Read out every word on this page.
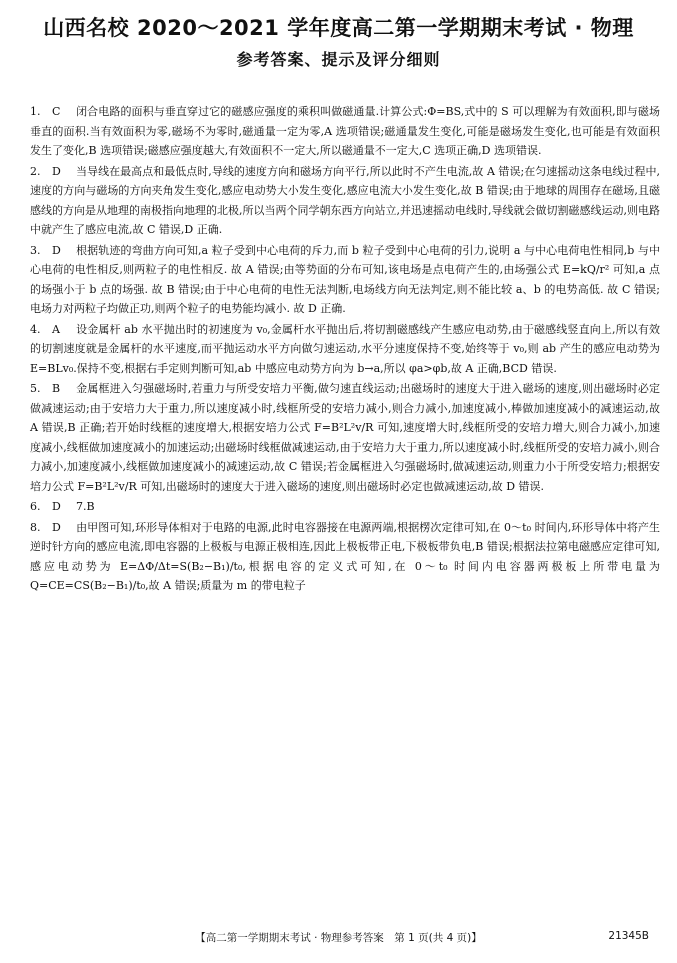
山西名校 2020～2021 学年度高二第一学期期末考试 · 物理
参考答案、提示及评分细则
1. C 闭合电路的面积与垂直穿过它的磁感应强度的乘积叫做磁通量.计算公式:Φ=BS,式中的 S 可以理解为有效面积,即与磁场垂直的面积.当有效面积为零,磁场不为零时,磁通量一定为零,A 选项错误;磁通量发生变化,可能是磁场发生变化,也可能是有效面积发生了变化,B 选项错误;磁感应强度越大,有效面积不一定大,所以磁通量不一定大,C 选项正确,D 选项错误.
2. D 当导线在最高点和最低点时,导线的速度方向和磁场方向平行,所以此时不产生电流,故 A 错误;在匀速摇动这条电线过程中,速度的方向与磁场的方向夹角发生变化,感应电动势大小发生变化,感应电流大小发生变化,故 B 错误;由于地球的周围存在磁场,且磁感线的方向是从地理的南极指向地理的北极,所以当两个同学朝东西方向站立,并迅速摇动电线时,导线就会做切割磁感线运动,则电路中就产生了感应电流,故 C 错误,D 正确.
3. D 根据轨迹的弯曲方向可知,a 粒子受到中心电荷的斥力,而 b 粒子受到中心电荷的引力,说明 a 与中心电荷电性相同,b 与中心电荷的电性相反,则两粒子的电性相反. 故 A 错误;由等势面的分布可知,该电场是点电荷产生的,由场强公式 E=kQ/r² 可知,a 点的场强小于 b 点的场强. 故 B 错误;由于中心电荷的电性无法判断,电场线方向无法判定,则不能比较 a、b 的电势高低. 故 C 错误;电场力对两粒子均做正功,则两个粒子的电势能均减小. 故 D 正确.
4. A 设金属杆 ab 水平抛出时的初速度为 v₀,金属杆水平抛出后,将切割磁感线产生感应电动势,由于磁感线竖直向上,所以有效的切割速度就是金属杆的水平速度,而平抛运动水平方向做匀速运动,水平分速度保持不变,始终等于 v₀,则 ab 产生的感应电动势为 E=BLv₀.保持不变,根据右手定则判断可知,ab 中感应电动势方向为 b→a,所以 φa>φb,故 A 正确,BCD 错误.
5. B 金属框进入匀强磁场时,若重力与所受安培力平衡,做匀速直线运动;出磁场时的速度大于进入磁场的速度,则出磁场时必定做减速运动;由于安培力大于重力,所以速度减小时,线框所受的安培力减小,则合力减小,加速度减小,棒做加速度减小的减速运动,故 A 错误,B 正确;若开始时线框的速度增大,根据安培力公式 F=B²L²v/R 可知,速度增大时,线框所受的安培力增大,则合力减小,加速度减小,线框做加速度减小的加速运动;出磁场时线框做减速运动,由于安培力大于重力,所以速度减小时,线框所受的安培力减小,则合力减小,加速度减小,线框做加速度减小的减速运动,故 C 错误;若金属框进入匀强磁场时,做减速运动,则重力小于所受安培力;根据安培力公式 F=B²L²v/R 可知,出磁场时的速度大于进入磁场的速度,则出磁场时必定也做减速运动,故 D 错误.
6. D 7.B
8. D 由甲图可知,环形导体相对于电路的电源,此时电容器接在电源两端,根据楞次定律可知,在 0～t₀ 时间内,环形导体中将产生逆时针方向的感应电流,即电容器的上极板与电源正极相连,因此上极板带正电,下极板带负电,B 错误;根据法拉第电磁感应定律可知,感应电动势为 E=ΔΦ/Δt=S(B₂−B₁)/t₀,根据电容的定义式可知,在 0～t₀ 时间内电容器两极板上所带电量为 Q=CE=CS(B₂−B₁)/t₀,故 A 错误;质量为 m 的带电粒子
【高二第一学期期末考试 · 物理参考答案　第 1 页(共 4 页)】	21345B
